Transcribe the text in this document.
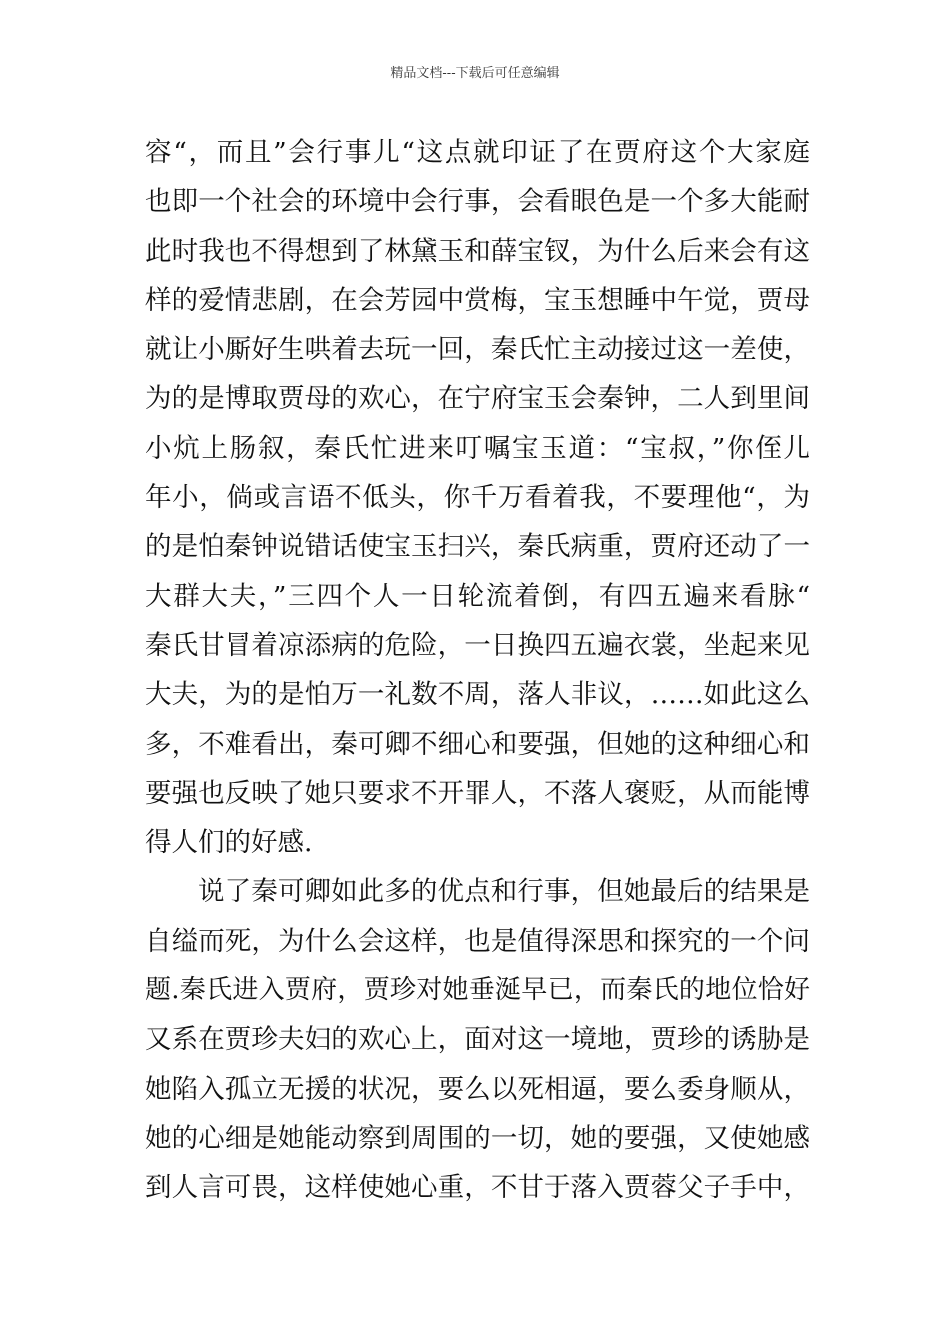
精品文档---下载后可任意编辑
容“，而且”会行事儿“这点就印证了在贾府这个大家庭
也即一个社会的环境中会行事，会看眼色是一个多大能耐
此时我也不得想到了林黛玉和薛宝钗，为什么后来会有这
样的爱情悲剧，在会芳园中赏梅，宝玉想睡中午觉，贾母
就让小厮好生哄着去玩一回，秦氏忙主动接过这一差使，
为的是博取贾母的欢心，在宁府宝玉会秦钟，二人到里间
小炕上肠叙，秦氏忙进来叮嘱宝玉道：“宝叔，”你侄儿
年小，倘或言语不低头，你千万看着我，不要理他“，为
的是怕秦钟说错话使宝玉扫兴，秦氏病重，贾府还动了一
大群大夫，”三四个人一日轮流着倒，有四五遍来看脉“
秦氏甘冒着凉添病的危险，一日换四五遍衣裳，坐起来见
大夫，为的是怕万一礼数不周，落人非议，……如此这么
多，不难看出，秦可卿不细心和要强，但她的这种细心和
要强也反映了她只要求不开罪人，不落人褒贬，从而能博
得人们的好感.
说了秦可卿如此多的优点和行事，但她最后的结果是
自缢而死，为什么会这样，也是值得深思和探究的一个问
题.秦氏进入贾府，贾珍对她垂涎早已，而秦氏的地位恰好
又系在贾珍夫妇的欢心上，面对这一境地，贾珍的诱胁是
她陷入孤立无援的状况，要么以死相逼，要么委身顺从，
她的心细是她能动察到周围的一切，她的要强，又使她感
到人言可畏，这样使她心重，不甘于落入贾蓉父子手中，
